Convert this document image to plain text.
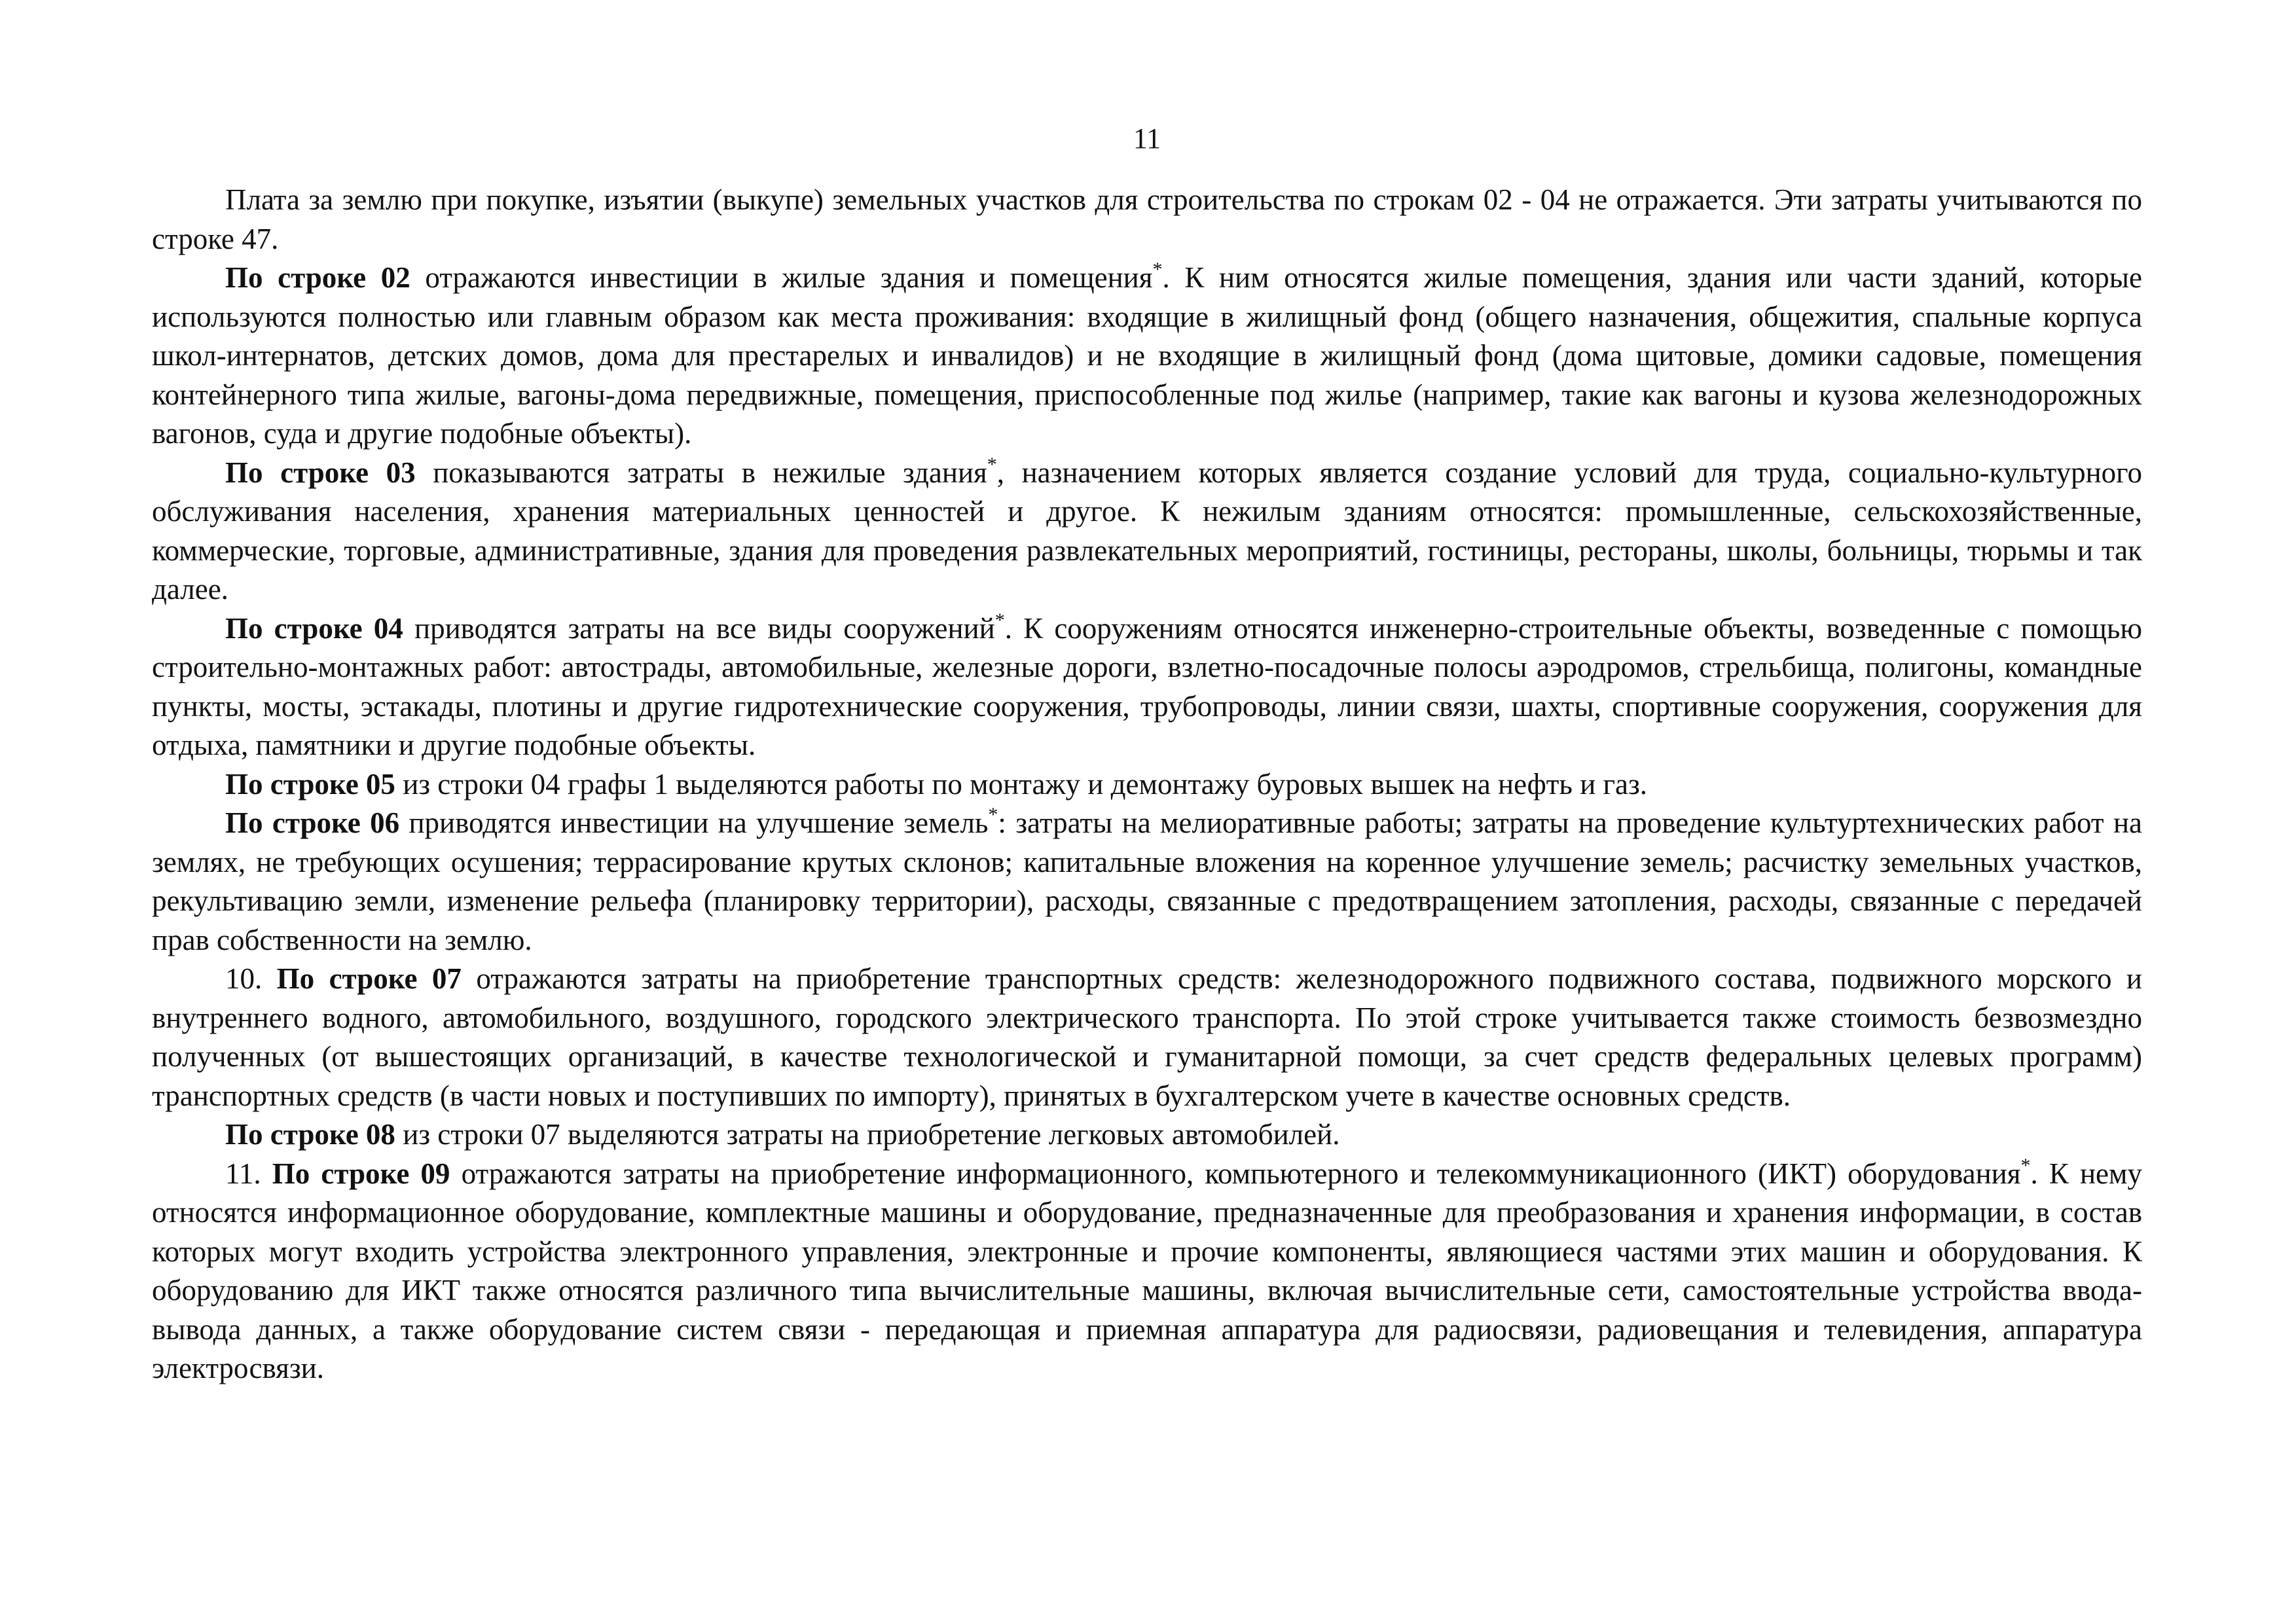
11

Плата за землю при покупке, изъятии (выкупе) земельных участков для строительства по строкам 02 - 04 не отражается. Эти затраты учитываются по строке 47.

По строке 02 отражаются инвестиции в жилые здания и помещения*. К ним относятся жилые помещения, здания или части зданий, которые используются полностью или главным образом как места проживания: входящие в жилищный фонд (общего назначения, общежития, спальные корпуса школ-интернатов, детских домов, дома для престарелых и инвалидов) и не входящие в жилищный фонд (дома щитовые, домики садовые, помещения контейнерного типа жилые, вагоны-дома передвижные, помещения, приспособленные под жилье (например, такие как вагоны и кузова железнодорожных вагонов, суда и другие подобные объекты).

По строке 03 показываются затраты в нежилые здания*, назначением которых является создание условий для труда, социально-культурного обслуживания населения, хранения материальных ценностей и другое. К нежилым зданиям относятся: промышленные, сельскохозяйственные, коммерческие, торговые, административные, здания для проведения развлекательных мероприятий, гостиницы, рестораны, школы, больницы, тюрьмы и так далее.

По строке 04 приводятся затраты на все виды сооружений*. К сооружениям относятся инженерно-строительные объекты, возведенные с помощью строительно-монтажных работ: автострады, автомобильные, железные дороги, взлетно-посадочные полосы аэродромов, стрельбища, полигоны, командные пункты, мосты, эстакады, плотины и другие гидротехнические сооружения, трубопроводы, линии связи, шахты, спортивные сооружения, сооружения для отдыха, памятники и другие подобные объекты.

По строке 05 из строки 04 графы 1 выделяются работы по монтажу и демонтажу буровых вышек на нефть и газ.

По строке 06 приводятся инвестиции на улучшение земель*: затраты на мелиоративные работы; затраты на проведение культуртехнических работ на землях, не требующих осушения; террасирование крутых склонов; капитальные вложения на коренное улучшение земель; расчистку земельных участков, рекультивацию земли, изменение рельефа (планировку территории), расходы, связанные с предотвращением затопления, расходы, связанные с передачей прав собственности на землю.

10. По строке 07 отражаются затраты на приобретение транспортных средств: железнодорожного подвижного состава, подвижного морского и внутреннего водного, автомобильного, воздушного, городского электрического транспорта. По этой строке учитывается также стоимость безвозмездно полученных (от вышестоящих организаций, в качестве технологической и гуманитарной помощи, за счет средств федеральных целевых программ) транспортных средств (в части новых и поступивших по импорту), принятых в бухгалтерском учете в качестве основных средств.

По строке 08 из строки 07 выделяются затраты на приобретение легковых автомобилей.

11. По строке 09 отражаются затраты на приобретение информационного, компьютерного и телекоммуникационного (ИКТ) оборудования*. К нему относятся информационное оборудование, комплектные машины и оборудование, предназначенные для преобразования и хранения информации, в состав которых могут входить устройства электронного управления, электронные и прочие компоненты, являющиеся частями этих машин и оборудования. К оборудованию для ИКТ также относятся различного типа вычислительные машины, включая вычислительные сети, самостоятельные устройства ввода-вывода данных, а также оборудование систем связи - передающая и приемная аппаратура для радиосвязи, радиовещания и телевидения, аппаратура электросвязи.
